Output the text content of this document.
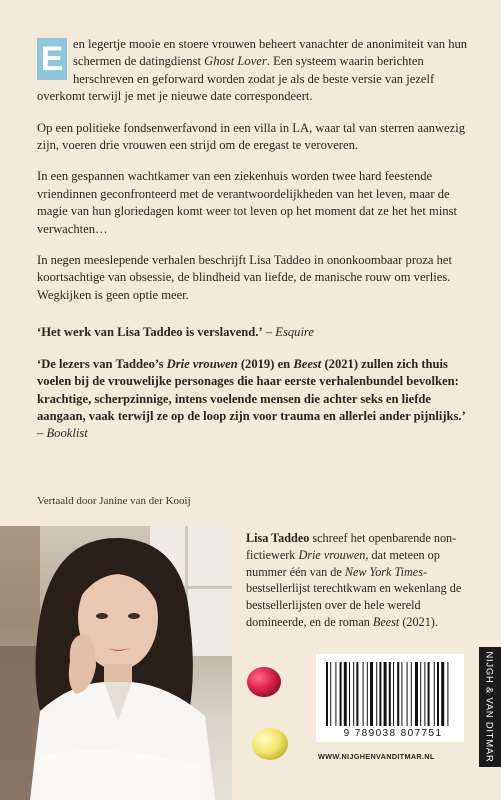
E en legertje mooie en stoere vrouwen beheert vanachter de anonimiteit van hun schermen de datingdienst Ghost Lover. Een systeem waarin berichten herschreven en geforward worden zodat je als de beste versie van jezelf overkomt terwijl je met je nieuwe date correspondeert.

Op een politieke fondsenwerfavond in een villa in LA, waar tal van sterren aanwezig zijn, voeren drie vrouwen een strijd om de eregast te veroveren.

In een gespannen wachtkamer van een ziekenhuis worden twee hard feestende vriendinnen geconfronteerd met de verantwoordelijkheden van het leven, maar de magie van hun gloriedagen komt weer tot leven op het moment dat ze het het minst verwachten…

In negen meeslepende verhalen beschrijft Lisa Taddeo in ononkoombaar proza het koortsachtige van obsessie, de blindheid van liefde, de manische rouw om verlies. Wegkijken is geen optie meer.

‘Het werk van Lisa Taddeo is verslavend.’ – Esquire

‘De lezers van Taddeo’s Drie vrouwen (2019) en Beest (2021) zullen zich thuis voelen bij de vrouwelijke personages die haar eerste verhalenbundel bevolken: krachtige, scherpzinnige, intens voelende mensen die achter seks en liefde aangaan, vaak terwijl ze op de loop zijn voor trauma en allerlei ander pijnlijks.’ – Booklist

Vertaald door Janine van der Kooij
Lisa Taddeo schreef het openbarende non-fictiewerk Drie vrouwen, dat meteen op nummer één van de New York Times-bestsellerlijst terechtkwam en wekenlang de bestsellerlijsten over de hele wereld domineerde, en de roman Beest (2021).
9 789038 807751
WWW.NIJGHENVANDITMAR.NL	NIJGH & VAN DITMAR
